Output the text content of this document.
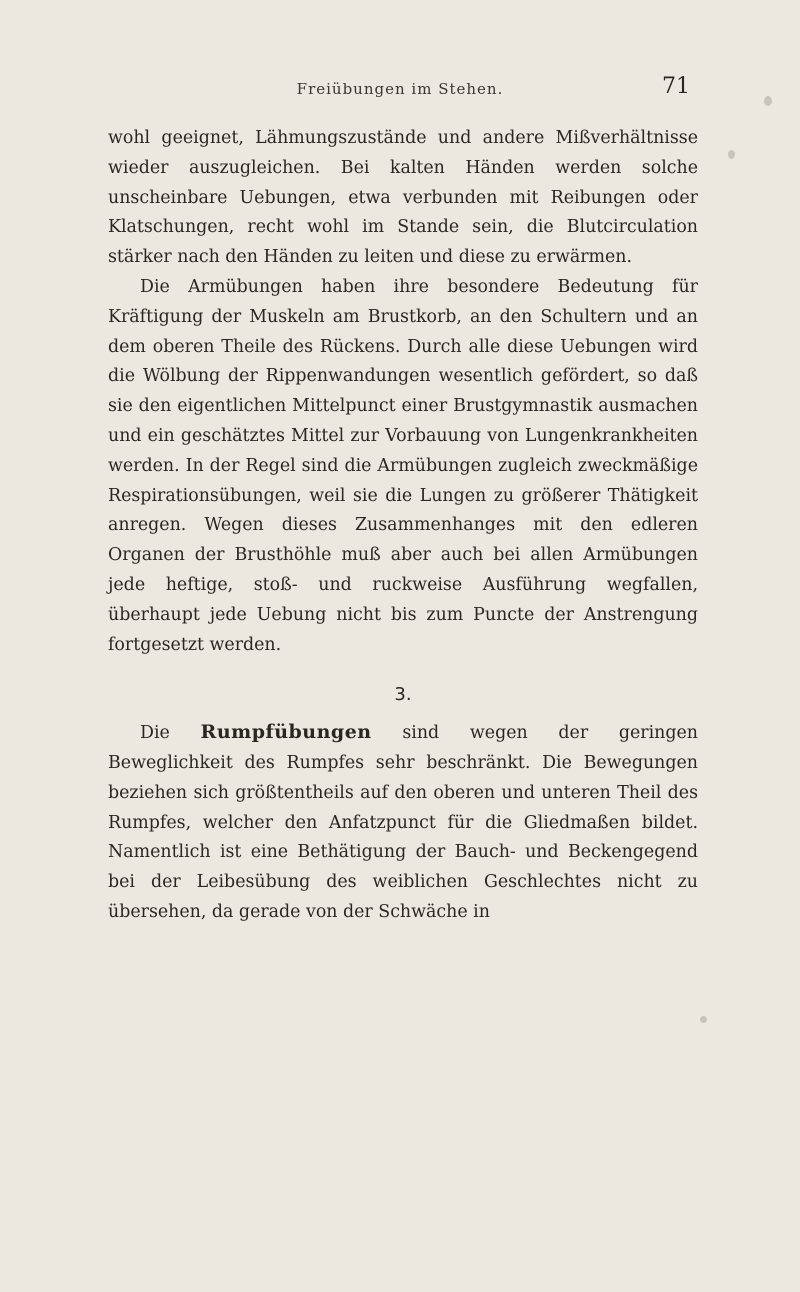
Freiübungen im Stehen.	71

wohl geeignet, Lähmungszustände und andere Mißverhältnisse wieder auszugleichen. Bei kalten Händen werden solche unscheinbare Uebungen, etwa verbunden mit Reibungen oder Klatschungen, recht wohl im Stande sein, die Blutcirculation stärker nach den Händen zu leiten und diese zu erwärmen.

Die Armübungen haben ihre besondere Bedeutung für Kräftigung der Muskeln am Brustkorb, an den Schultern und an dem oberen Theile des Rückens. Durch alle diese Uebungen wird die Wölbung der Rippenwandungen wesentlich gefördert, so daß sie den eigentlichen Mittelpunct einer Brustgymnastik ausmachen und ein geschätztes Mittel zur Vorbauung von Lungenkrankheiten werden. In der Regel sind die Armübungen zugleich zweckmäßige Respirationsübungen, weil sie die Lungen zu größerer Thätigkeit anregen. Wegen dieses Zusammenhanges mit den edleren Organen der Brusthöhle muß aber auch bei allen Armübungen jede heftige, stoß- und ruckweise Ausführung wegfallen, überhaupt jede Uebung nicht bis zum Puncte der Anstrengung fortgesetzt werden.

3.

Die Rumpfübungen sind wegen der geringen Beweglichkeit des Rumpfes sehr beschränkt. Die Bewegungen beziehen sich größtentheils auf den oberen und unteren Theil des Rumpfes, welcher den Anfatzpunct für die Gliedmaßen bildet. Namentlich ist eine Bethätigung der Bauch- und Beckengegend bei der Leibesübung des weiblichen Geschlechtes nicht zu übersehen, da gerade von der Schwäche in
